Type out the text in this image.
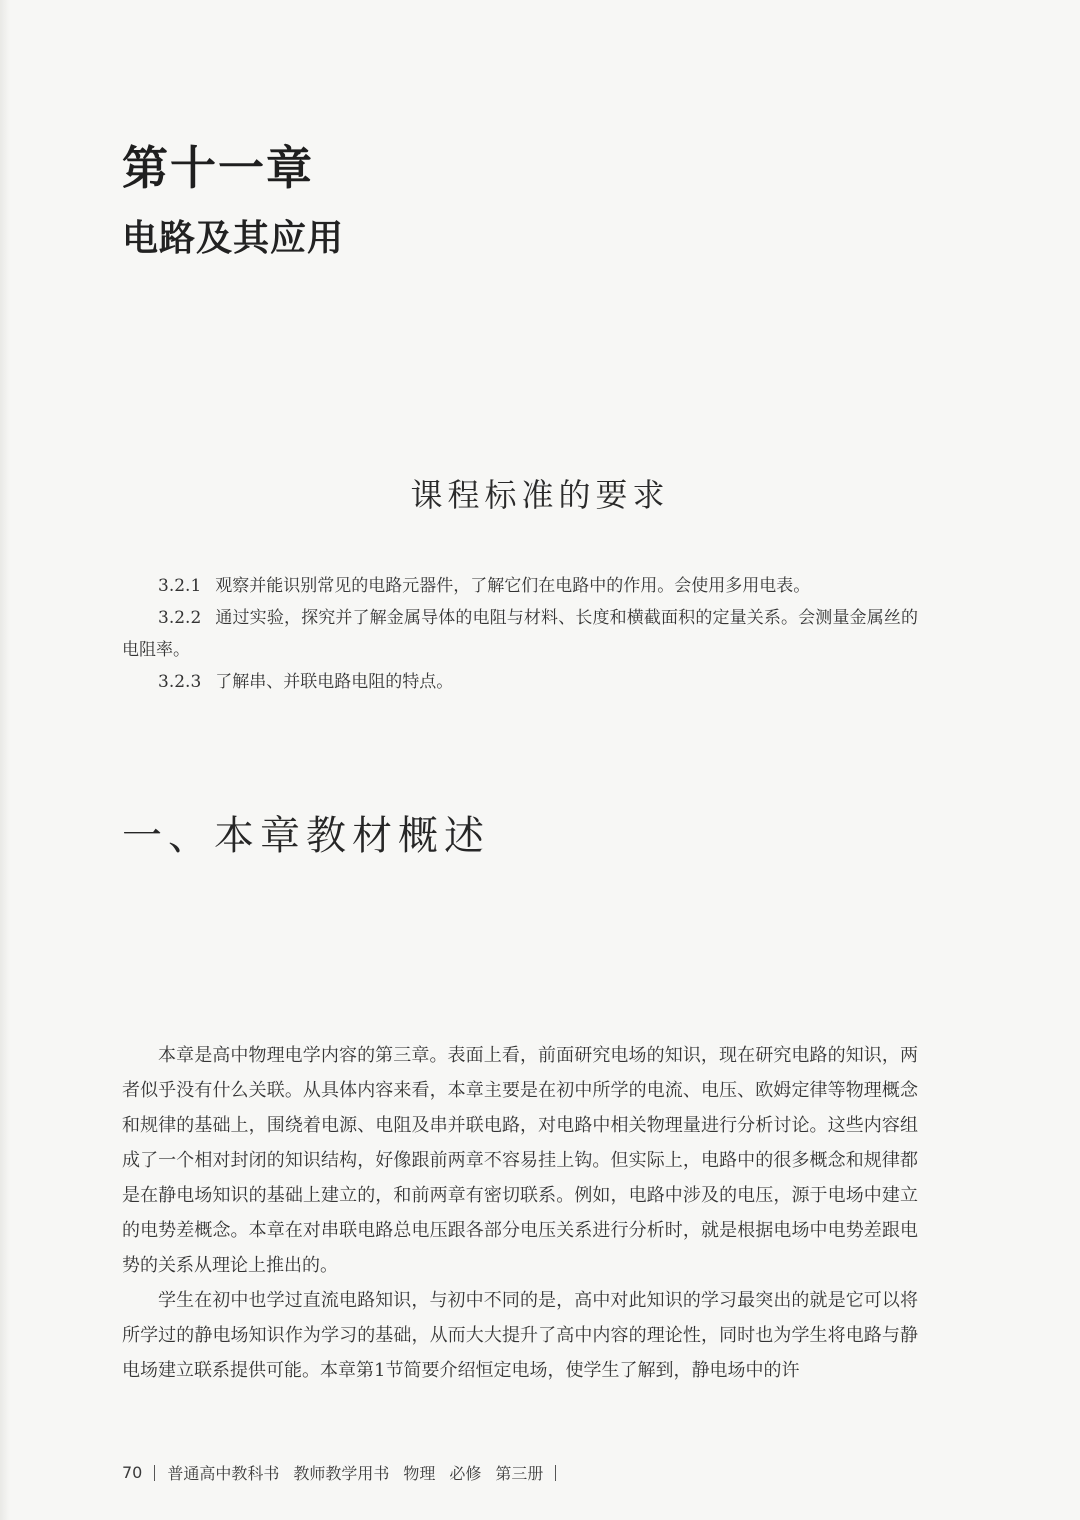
第十一章
电路及其应用
课程标准的要求

3.2.1 观察并能识别常见的电路元器件，了解它们在电路中的作用。会使用多用电表。

3.2.2 通过实验，探究并了解金属导体的电阻与材料、长度和横截面积的定量关系。会测量金属丝的电阻率。

3.2.3 了解串、并联电路电阻的特点。

一、本章教材概述

本章是高中物理电学内容的第三章。表面上看，前面研究电场的知识，现在研究电路的知识，两者似乎没有什么关联。从具体内容来看，本章主要是在初中所学的电流、电压、欧姆定律等物理概念和规律的基础上，围绕着电源、电阻及串并联电路，对电路中相关物理量进行分析讨论。这些内容组成了一个相对封闭的知识结构，好像跟前两章不容易挂上钩。但实际上，电路中的很多概念和规律都是在静电场知识的基础上建立的，和前两章有密切联系。例如，电路中涉及的电压，源于电场中建立的电势差概念。本章在对串联电路总电压跟各部分电压关系进行分析时，就是根据电场中电势差跟电势的关系从理论上推出的。

学生在初中也学过直流电路知识，与初中不同的是，高中对此知识的学习最突出的就是它可以将所学过的静电场知识作为学习的基础，从而大大提升了高中内容的理论性，同时也为学生将电路与静电场建立联系提供可能。本章第1节简要介绍恒定电场，使学生了解到，静电场中的许

70 普通高中教科书 教师教学用书 物理 必修 第三册
